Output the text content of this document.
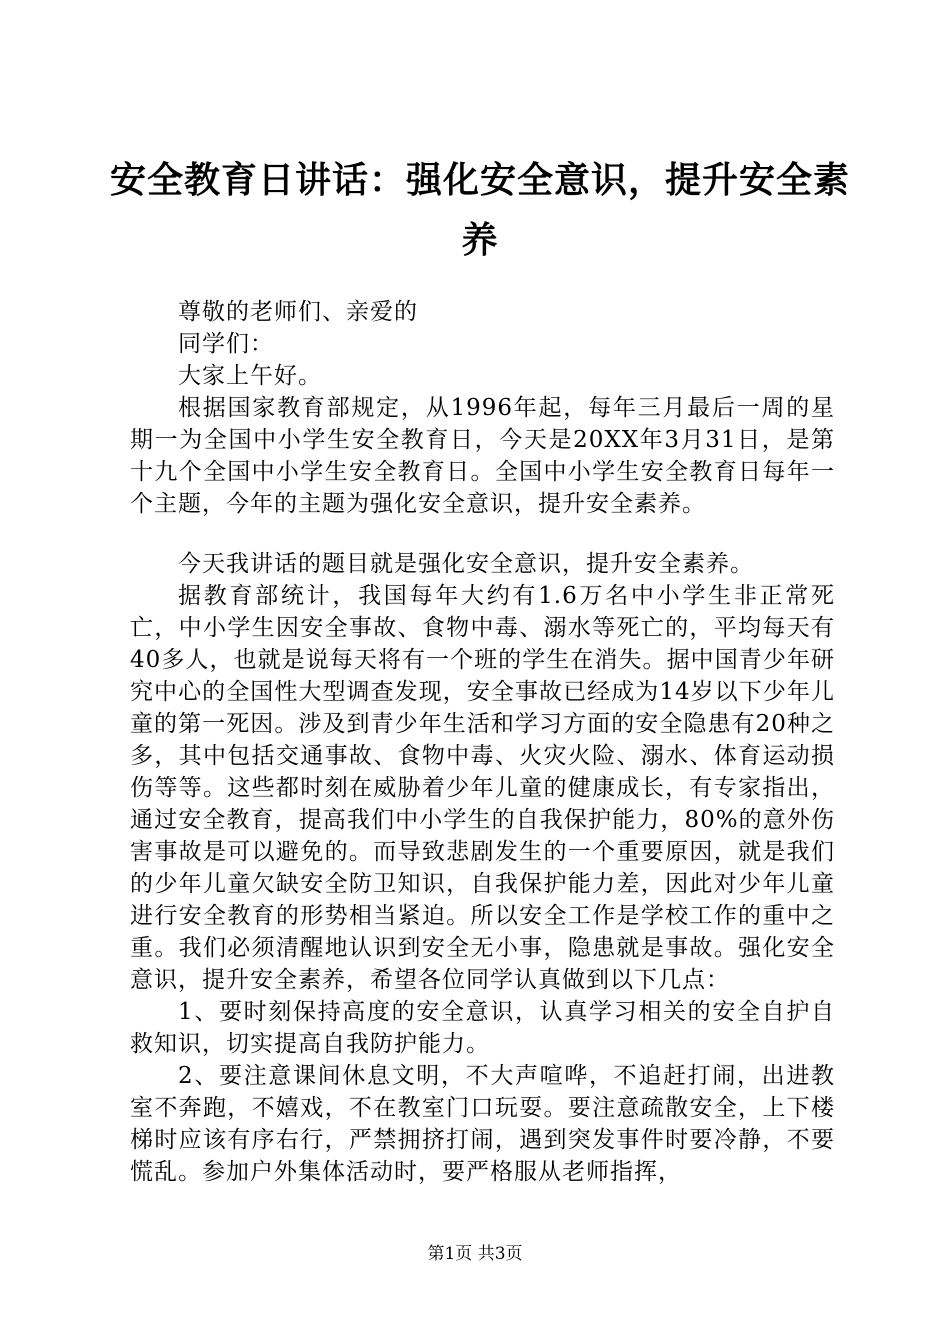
安全教育日讲话：强化安全意识，提升安全素养

尊敬的老师们、亲爱的

同学们：

大家上午好。

根据国家教育部规定，从1996年起，每年三月最后一周的星期一为全国中小学生安全教育日，今天是20XX年3月31日，是第十九个全国中小学生安全教育日。全国中小学生安全教育日每年一个主题，今年的主题为强化安全意识，提升安全素养。

今天我讲话的题目就是强化安全意识，提升安全素养。

据教育部统计，我国每年大约有1.6万名中小学生非正常死亡，中小学生因安全事故、食物中毒、溺水等死亡的，平均每天有40多人，也就是说每天将有一个班的学生在消失。据中国青少年研究中心的全国性大型调查发现，安全事故已经成为14岁以下少年儿童的第一死因。涉及到青少年生活和学习方面的安全隐患有20种之多，其中包括交通事故、食物中毒、火灾火险、溺水、体育运动损伤等等。这些都时刻在威胁着少年儿童的健康成长，有专家指出，通过安全教育，提高我们中小学生的自我保护能力，80%的意外伤害事故是可以避免的。而导致悲剧发生的一个重要原因，就是我们的少年儿童欠缺安全防卫知识，自我保护能力差，因此对少年儿童进行安全教育的形势相当紧迫。所以安全工作是学校工作的重中之重。我们必须清醒地认识到安全无小事，隐患就是事故。强化安全意识，提升安全素养，希望各位同学认真做到以下几点：

1、要时刻保持高度的安全意识，认真学习相关的安全自护自救知识，切实提高自我防护能力。

2、要注意课间休息文明，不大声喧哗，不追赶打闹，出进教室不奔跑，不嬉戏，不在教室门口玩耍。要注意疏散安全，上下楼梯时应该有序右行，严禁拥挤打闹，遇到突发事件时要冷静，不要慌乱。参加户外集体活动时，要严格服从老师指挥，

第1页 共3页
